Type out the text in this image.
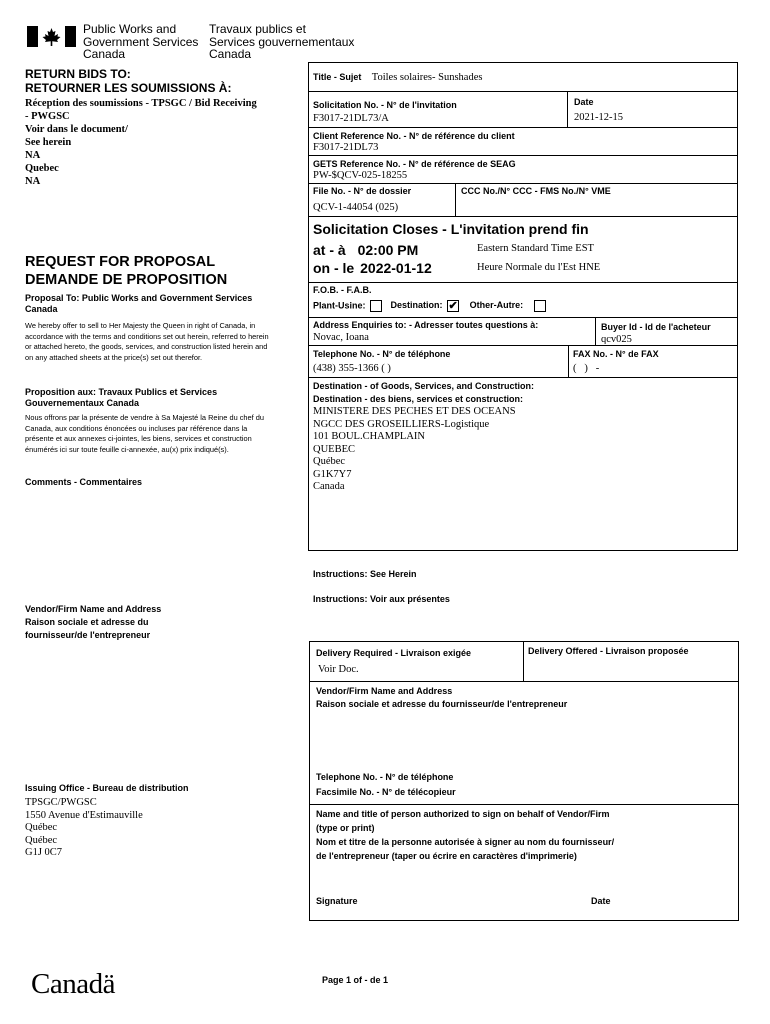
Public Works and
Government Services
Canada
Travaux publics et
Services gouvernementaux
Canada
RETURN BIDS TO:
RETOURNER LES SOUMISSIONS À:
Réception des soumissions - TPSGC / Bid Receiving
- PWGSC
Voir dans le document/
See herein
NA
Quebec
NA
REQUEST FOR PROPOSAL
DEMANDE DE PROPOSITION
Proposal To: Public Works and Government Services Canada
We hereby offer to sell to Her Majesty the Queen in right of Canada, in accordance with the terms and conditions set out herein, referred to herein or attached hereto, the goods, services, and construction listed herein and on any attached sheets at the price(s) set out therefor.
Proposition aux: Travaux Publics et Services Gouvernementaux Canada
Nous offrons par la présente de vendre à Sa Majesté la Reine du chef du Canada, aux conditions énoncées ou incluses par référence dans la présente et aux annexes ci-jointes, les biens, services et construction énumérés ici sur toute feuille ci-annexée, au(x) prix indiqué(s).
Comments - Commentaires
Vendor/Firm Name and Address
Raison sociale et adresse du
fournisseur/de l'entrepreneur
Issuing Office - Bureau de distribution
TPSGC/PWGSC
1550 Avenue d'Estimauville
Québec
Québec
G1J 0C7
Canadä
Title - Sujet Toiles solaires- Sunshades
Solicitation No. - N° de l'invitation
F3017-21DL73/A
Date
2021-12-15
Client Reference No. - N° de référence du client
F3017-21DL73
GETS Reference No. - N° de référence de SEAG
PW-$QCV-025-18255
File No. - N° de dossier
QCV-1-44054 (025)
CCC No./N° CCC - FMS No./N° VME
Solicitation Closes - L'invitation prend fin
at - à 02:00 PM
on - le 2022-01-12
Eastern Standard Time EST
Heure Normale du l'Est HNE
F.O.B. - F.A.B.
Plant-Usine:	Destination: ✔ Other-Autre:
Address Enquiries to: - Adresser toutes questions à:
Novac, Ioana
Buyer Id - Id de l'acheteur
qcv025
Telephone No. - N° de téléphone
(438) 355-1366 ( )
FAX No. - N° de FAX
(   )   -
Destination - of Goods, Services, and Construction:
Destination - des biens, services et construction:
MINISTERE DES PECHES ET DES OCEANS
NGCC DES GROSEILLIERS-Logistique
101 BOUL.CHAMPLAIN
QUEBEC
Québec
G1K7Y7
Canada
Instructions: See Herein
Instructions: Voir aux présentes
Delivery Required - Livraison exigée
Voir Doc.
Delivery Offered - Livraison proposée
Vendor/Firm Name and Address
Raison sociale et adresse du fournisseur/de l'entrepreneur
Telephone No. - N° de téléphone
Facsimile No. - N° de télécopieur
Name and title of person authorized to sign on behalf of Vendor/Firm
(type or print)
Nom et titre de la personne autorisée à signer au nom du fournisseur/
de l'entrepreneur (taper ou écrire en caractères d'imprimerie)
Signature	Date
Page 1 of - de 1
